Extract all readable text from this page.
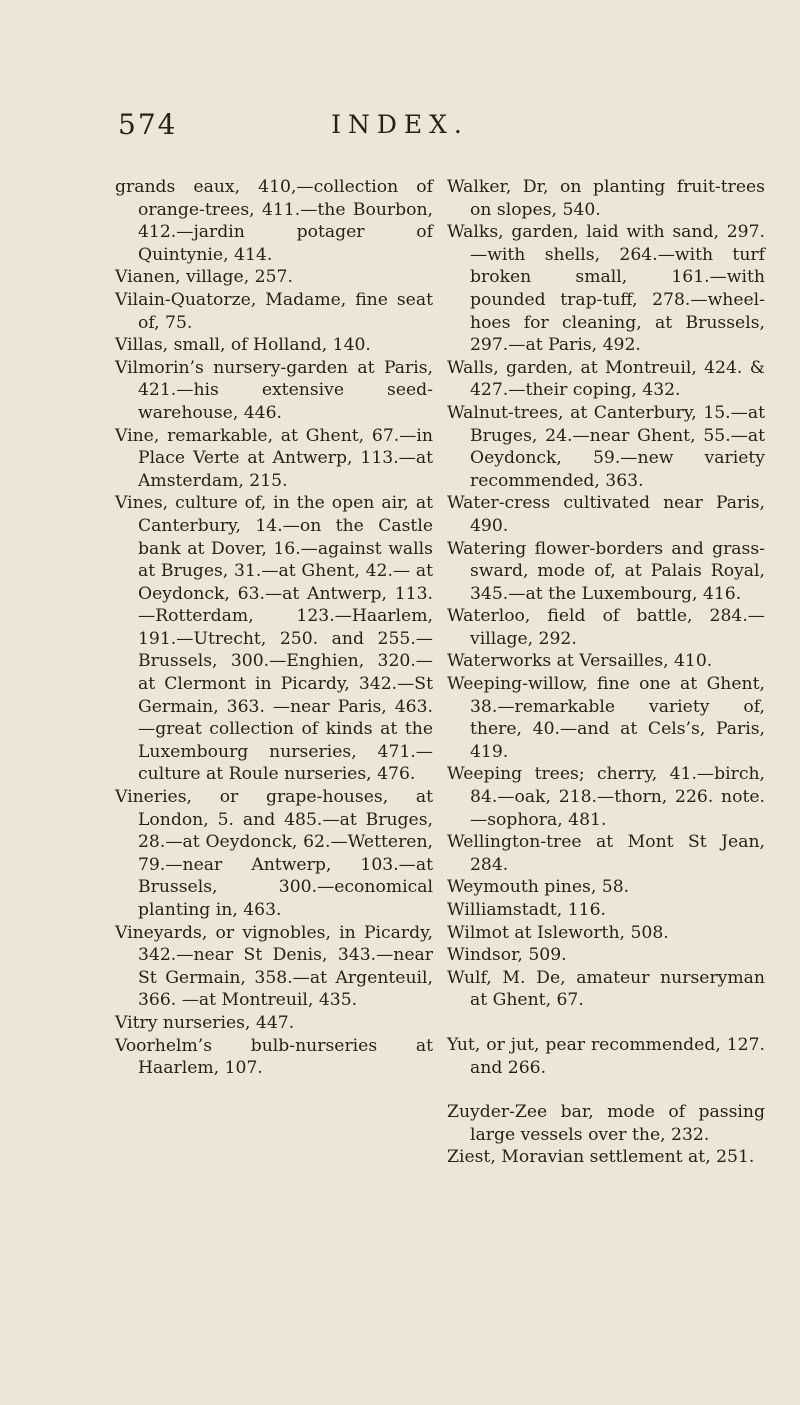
574	INDEX.

grands eaux, 410,—collection of orange-trees, 411.—the Bourbon, 412.—jardin potager of Quintynie, 414.

Vianen, village, 257.

Vilain-Quatorze, Madame, fine seat of, 75.

Villas, small, of Holland, 140.

Vilmorin’s nursery-garden at Paris, 421.—his extensive seed-warehouse, 446.

Vine, remarkable, at Ghent, 67.—in Place Verte at Antwerp, 113.—at Amsterdam, 215.

Vines, culture of, in the open air, at Canterbury, 14.—on the Castle bank at Dover, 16.—against walls at Bruges, 31.—at Ghent, 42.— at Oeydonck, 63.—at Antwerp, 113.—Rotterdam, 123.—Haarlem, 191.—Utrecht, 250. and 255.—Brussels, 300.—Enghien, 320.—at Clermont in Picardy, 342.—St Germain, 363. —near Paris, 463.—great collection of kinds at the Luxembourg nurseries, 471.—culture at Roule nurseries, 476.

Vineries, or grape-houses, at London, 5. and 485.—at Bruges, 28.—at Oeydonck, 62.—Wetteren, 79.—near Antwerp, 103.—at Brussels, 300.—economical planting in, 463.

Vineyards, or vignobles, in Picardy, 342.—near St Denis, 343.—near St Germain, 358.—at Argenteuil, 366. —at Montreuil, 435.

Vitry nurseries, 447.

Voorhelm’s bulb-nurseries at Haarlem, 107.

Walker, Dr, on planting fruit-trees on slopes, 540.

Walks, garden, laid with sand, 297.—with shells, 264.—with turf broken small, 161.—with pounded trap-tuff, 278.—wheel-hoes for cleaning, at Brussels, 297.—at Paris, 492.

Walls, garden, at Montreuil, 424. & 427.—their coping, 432.

Walnut-trees, at Canterbury, 15.—at Bruges, 24.—near Ghent, 55.—at Oeydonck, 59.—new variety recommended, 363.

Water-cress cultivated near Paris, 490.

Watering flower-borders and grass-sward, mode of, at Palais Royal, 345.—at the Luxembourg, 416.

Waterloo, field of battle, 284.—village, 292.

Waterworks at Versailles, 410.

Weeping-willow, fine one at Ghent, 38.—remarkable variety of, there, 40.—and at Cels’s, Paris, 419.

Weeping trees; cherry, 41.—birch, 84.—oak, 218.—thorn, 226. note. —sophora, 481.

Wellington-tree at Mont St Jean, 284.

Weymouth pines, 58.

Williamstadt, 116.

Wilmot at Isleworth, 508.

Windsor, 509.

Wulf, M. De, amateur nurseryman at Ghent, 67.

Yut, or jut, pear recommended, 127. and 266.

Zuyder-Zee bar, mode of passing large vessels over the, 232.

Ziest, Moravian settlement at, 251.
